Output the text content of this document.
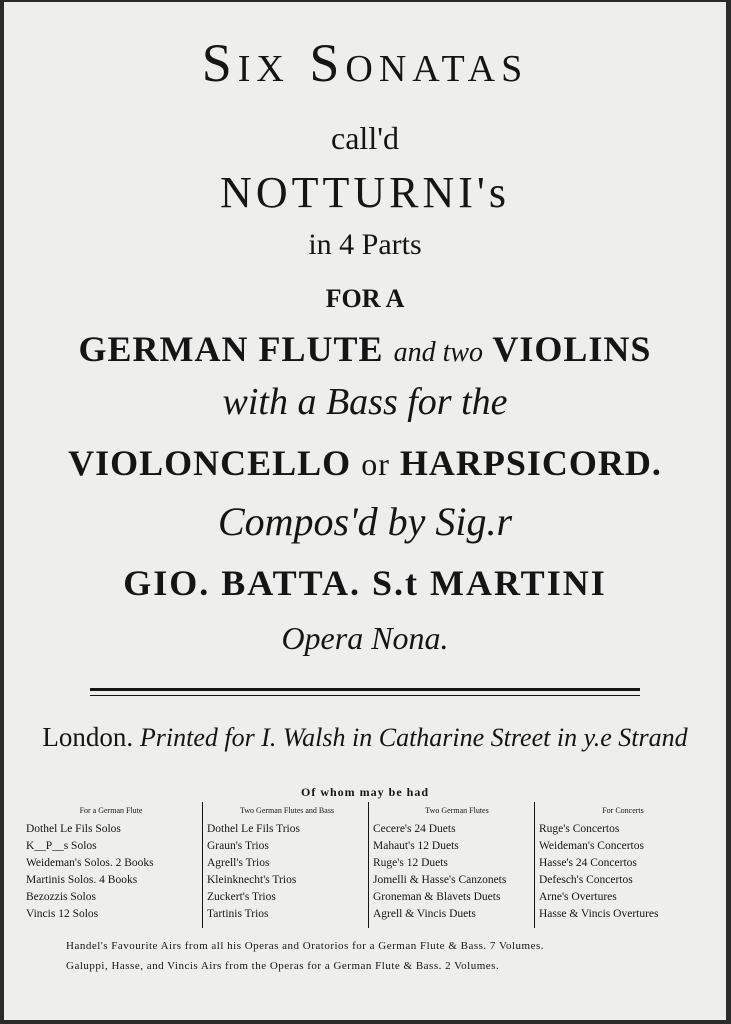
Six Sonatas
call'd
NOTTURNI's
in 4 Parts
FOR A
GERMAN FLUTE and two VIOLINS
with a Bass for the
VIOLONCELLO or HARPSICORD.
Compos'd by Sig.r
GIO. BATTA. S.t MARTINI
Opera Nona.
London. Printed for I. Walsh in Catharine Street in y.e Strand
Of whom may be had
For a German Flute
Dothel Le Fils Solos
K__P__s Solos
Weideman's Solos. 2 Books
Martinis Solos. 4 Books
Bezozzis Solos
Vincis 12 Solos
Two German Flutes and Bass
Dothel Le Fils Trios
Graun's Trios
Agrell's Trios
Kleinknecht's Trios
Zuckert's Trios
Tartinis Trios
Two German Flutes
Cecere's 24 Duets
Mahaut's 12 Duets
Ruge's 12 Duets
Jomelli & Hasse's Canzonets
Groneman & Blavets Duets
Agrell & Vincis Duets
For Concerts
Ruge's Concertos
Weideman's Concertos
Hasse's 24 Concertos
Defesch's Concertos
Arne's Overtures
Hasse & Vincis Overtures
Handel's Favourite Airs from all his Operas and Oratorios for a German Flute & Bass. 7 Volumes.
Galuppi, Hasse, and Vincis Airs from the Operas for a German Flute & Bass. 2 Volumes.
